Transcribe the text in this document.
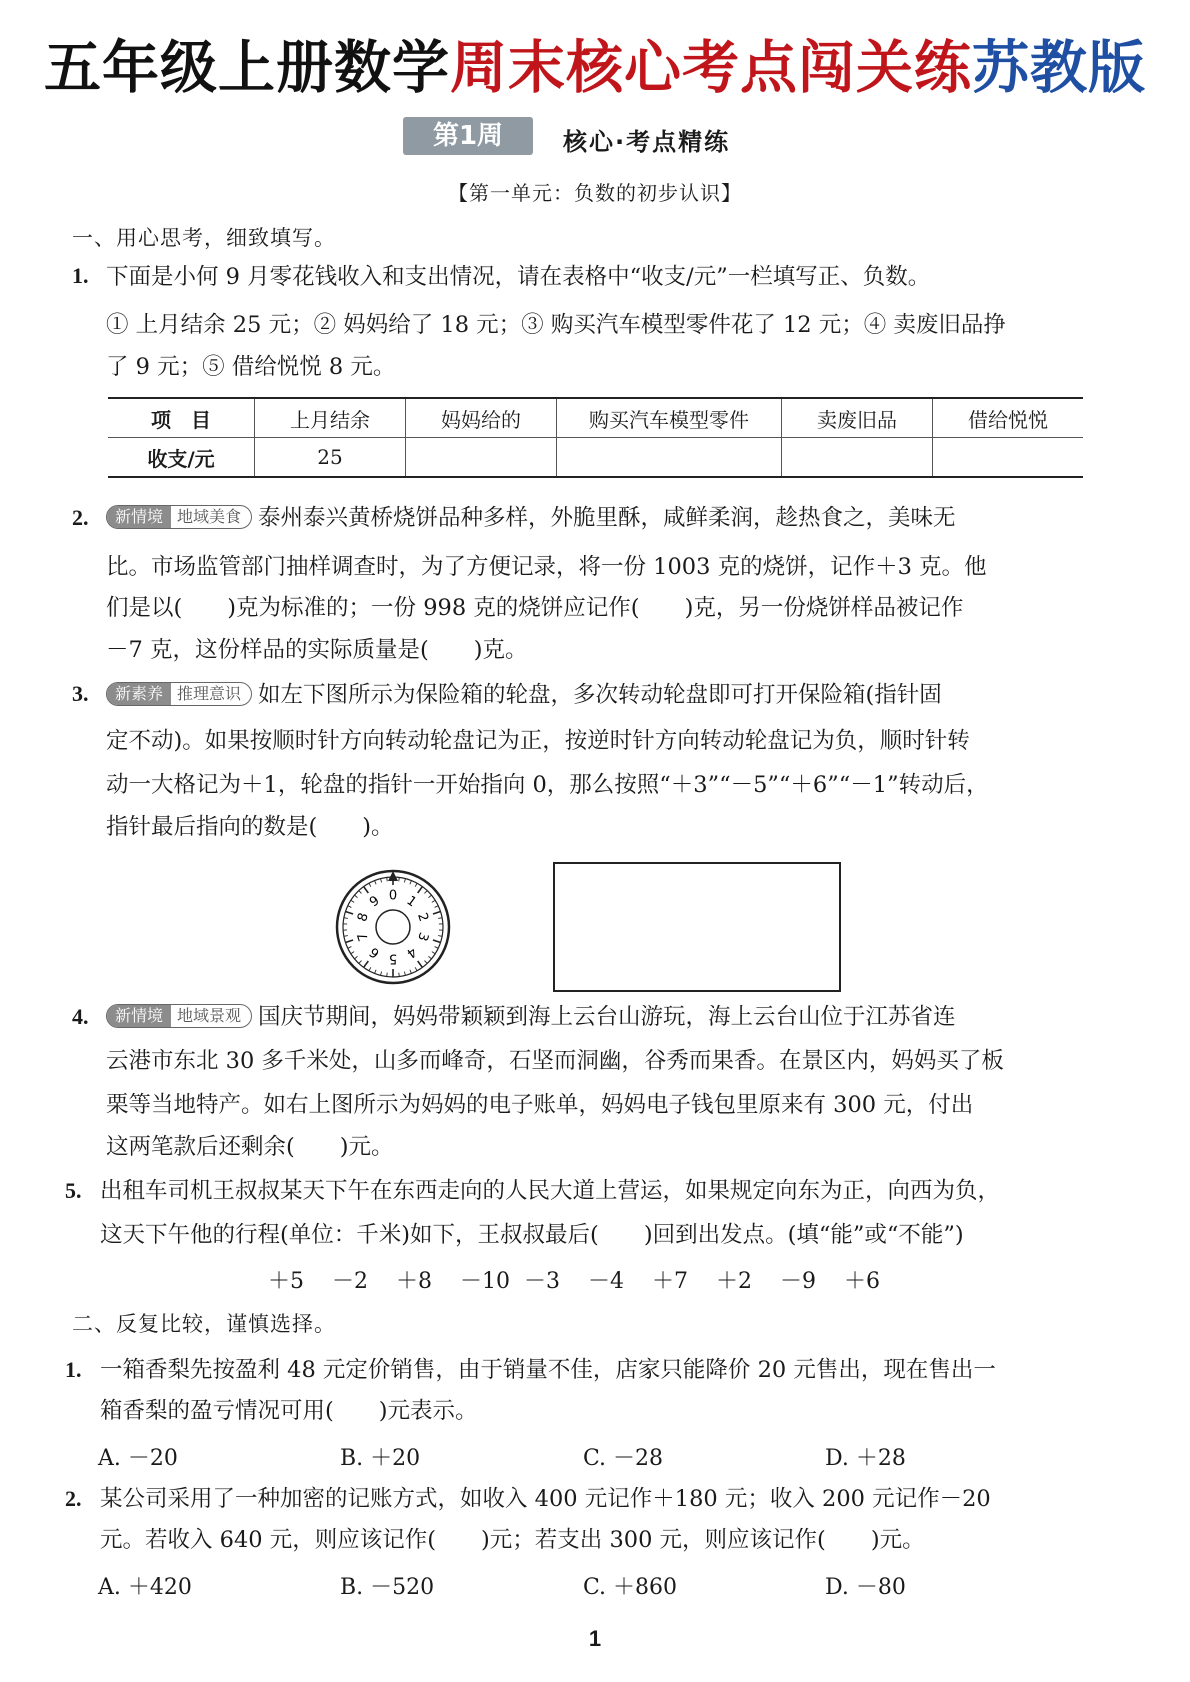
五年级上册数学周末核心考点闯关练苏教版
第1周	核心·考点精练
【第一单元：负数的初步认识】
一、用心思考，细致填写。
1. 下面是小何 9 月零花钱收入和支出情况，请在表格中“收支/元”一栏填写正、负数。
① 上月结余 25 元；② 妈妈给了 18 元；③ 购买汽车模型零件花了 12 元；④ 卖废旧品挣
了 9 元；⑤ 借给悦悦 8 元。
项　目	上月结余	妈妈给的	购买汽车模型零件	卖废旧品	借给悦悦
收支/元	25				
2.	新情境 地域美食 泰州泰兴黄桥烧饼品种多样，外脆里酥，咸鲜柔润，趁热食之，美味无
比。市场监管部门抽样调查时，为了方便记录，将一份 1003 克的烧饼，记作＋3 克。他
们是以(　　)克为标准的；一份 998 克的烧饼应记作(　　)克，另一份烧饼样品被记作
－7 克，这份样品的实际质量是(　　)克。
3.	新素养 推理意识 如左下图所示为保险箱的轮盘，多次转动轮盘即可打开保险箱(指针固
定不动)。如果按顺时针方向转动轮盘记为正，按逆时针方向转动轮盘记为负，顺时针转
动一大格记为＋1，轮盘的指针一开始指向 0，那么按照“＋3”“－5”“＋6”“－1”转动后，
指针最后指向的数是(　　)。
0 1
2
3
4
5
6
7
8
9
4.	新情境 地域景观 国庆节期间，妈妈带颖颖到海上云台山游玩，海上云台山位于江苏省连
云港市东北 30 多千米处，山多而峰奇，石坚而洞幽，谷秀而果香。在景区内，妈妈买了板
栗等当地特产。如右上图所示为妈妈的电子账单，妈妈电子钱包里原来有 300 元，付出
这两笔款后还剩余(　　)元。
5. 出租车司机王叔叔某天下午在东西走向的人民大道上营运，如果规定向东为正，向西为负，
这天下午他的行程(单位：千米)如下，王叔叔最后(　　)回到出发点。(填“能”或“不能”)
＋5 －2 ＋8 －10 －3 －4 ＋7 ＋2 －9 ＋6
二、反复比较，谨慎选择。
1. 一箱香梨先按盈利 48 元定价销售，由于销量不佳，店家只能降价 20 元售出，现在售出一
箱香梨的盈亏情况可用(　　)元表示。
A. －20	B. ＋20	C. －28	D. ＋28
2. 某公司采用了一种加密的记账方式，如收入 400 元记作＋180 元；收入 200 元记作－20
元。若收入 640 元，则应该记作(　　)元；若支出 300 元，则应该记作(　　)元。
A. ＋420	B. －520	C. ＋860	D. －80
1
